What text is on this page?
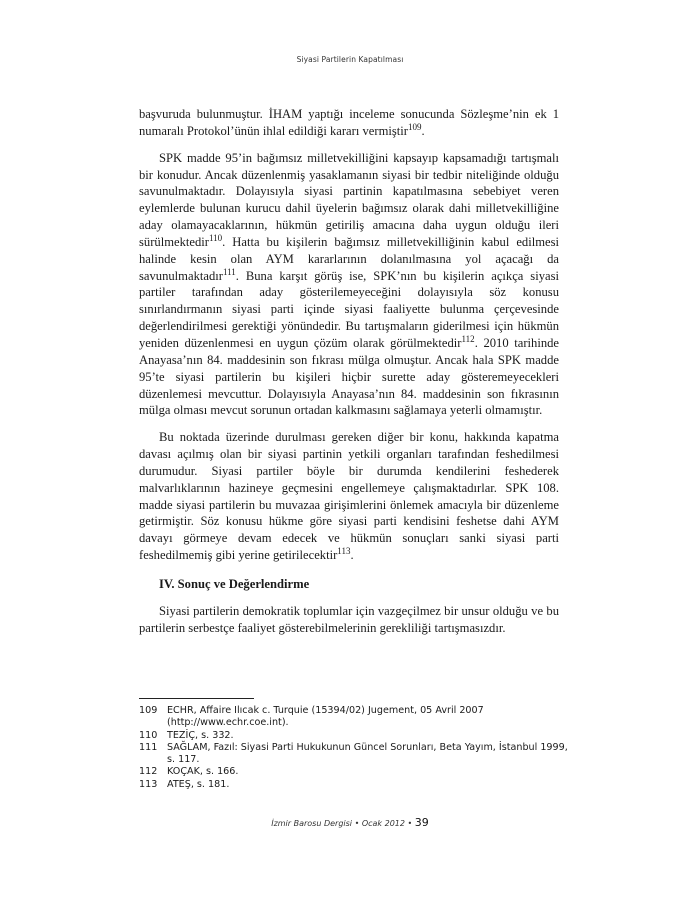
Siyasi Partilerin Kapatılması

başvuruda bulunmuştur. İHAM yaptığı inceleme sonucunda Sözleşme’nin ek 1 numaralı Protokol’ünün ihlal edildiği kararı vermiştir$^{109}$.

SPK madde 95’in bağımsız milletvekilliğini kapsayıp kapsamadığı tartışmalı bir konudur. Ancak düzenlenmiş yasaklamanın siyasi bir tedbir niteliğinde olduğu savunulmaktadır. Dolayısıyla siyasi partinin kapatılmasına sebebiyet veren eylemlerde bulunan kurucu dahil üyelerin bağımsız olarak dahi milletvekilliğine aday olamayacaklarının, hükmün getiriliş amacına daha uygun olduğu ileri sürülmektedir$^{110}$. Hatta bu kişilerin bağımsız milletvekilliğinin kabul edilmesi halinde kesin olan AYM kararlarının dolanılmasına yol açacağı da savunulmaktadır$^{111}$. Buna karşıt görüş ise, SPK’nın bu kişilerin açıkça siyasi partiler tarafından aday gösterilemeyeceğini dolayısıyla söz konusu sınırlandırmanın siyasi parti içinde siyasi faaliyette bulunma çerçevesinde değerlendirilmesi gerektiği yönündedir. Bu tartışmaların giderilmesi için hükmün yeniden düzenlenmesi en uygun çözüm olarak görülmektedir$^{112}$. 2010 tarihinde Anayasa’nın 84. maddesinin son fıkrası mülga olmuştur. Ancak hala SPK madde 95’te siyasi partilerin bu kişileri hiçbir surette aday gösteremeyecekleri düzenlemesi mevcuttur. Dolayısıyla Anayasa’nın 84. maddesinin son fıkrasının mülga olması mevcut sorunun ortadan kalkmasını sağlamaya yeterli olmamıştır.

Bu noktada üzerinde durulması gereken diğer bir konu, hakkında kapatma davası açılmış olan bir siyasi partinin yetkili organları tarafından feshedilmesi durumudur. Siyasi partiler böyle bir durumda kendilerini feshederek malvarlıklarının hazineye geçmesini engellemeye çalışmaktadırlar. SPK 108. madde siyasi partilerin bu muvazaa girişimlerini önlemek amacıyla bir düzenleme getirmiştir. Söz konusu hükme göre siyasi parti kendisini feshetse dahi AYM davayı görmeye devam edecek ve hükmün sonuçları sanki siyasi parti feshedilmemiş gibi yerine getirilecektir$^{113}$.

IV. Sonuç ve Değerlendirme

Siyasi partilerin demokratik toplumlar için vazgeçilmez bir unsur olduğu ve bu partilerin serbestçe faaliyet gösterebilmelerinin gerekliliği tartışmasızdır.

109	ECHR, Affaire Ilıcak c. Turquie (15394/02) Jugement, 05 Avril 2007 (http://www.echr.coe.int).
110	TEZİÇ, s. 332.
111	SAĞLAM, Fazıl: Siyasi Parti Hukukunun Güncel Sorunları, Beta Yayım, İstanbul 1999, s. 117.
112	KOÇAK, s. 166.
113	ATEŞ, s. 181.
İzmir Barosu Dergisi • Ocak 2012 • 39
